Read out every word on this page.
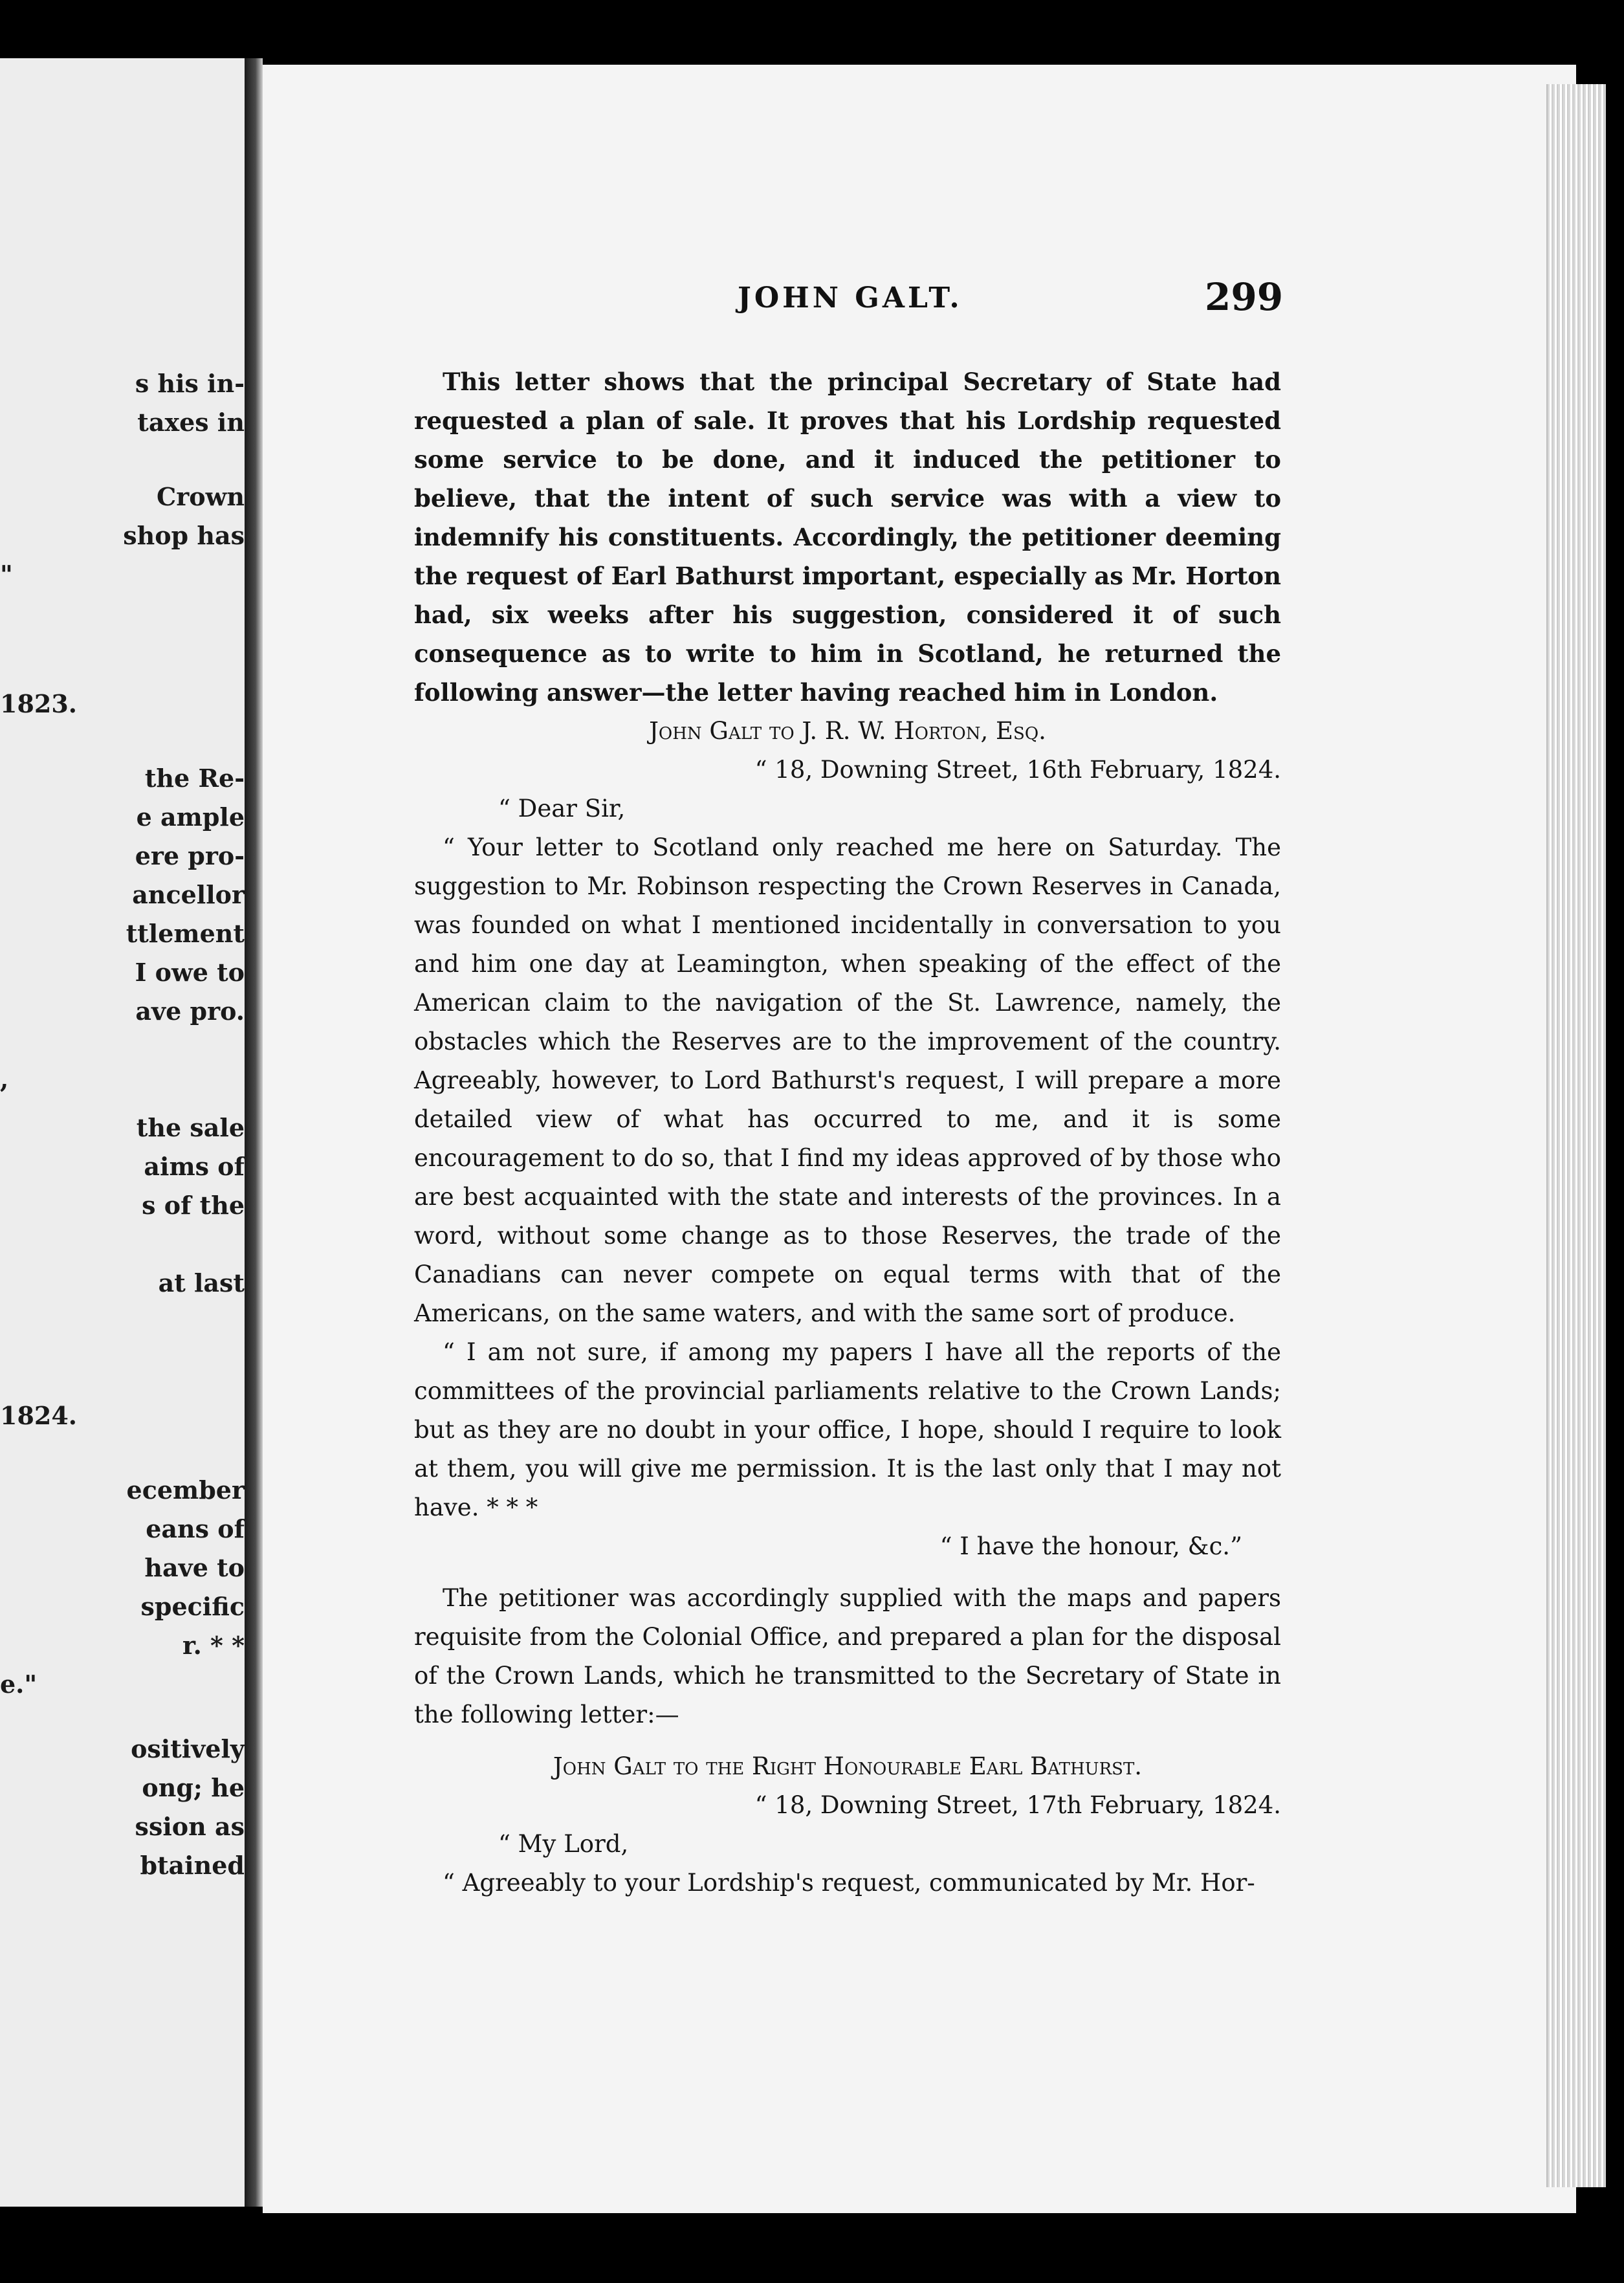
s his in-
taxes in
Crown
shop has
"
1823.
the Re-
e ample
ere pro-
ancellor
ttlement
I owe to
ave pro.
,
the sale
aims of
s of the
at last
1824.
ecember
eans of
have to
specific
r. * *
e."
ositively
ong; he
ssion as
btained
JOHN GALT.	299

This letter shows that the principal Secretary of State had requested a plan of sale. It proves that his Lordship requested some service to be done, and it induced the petitioner to believe, that the intent of such service was with a view to indemnify his constituents. Accordingly, the petitioner deeming the request of Earl Bathurst important, especially as Mr. Horton had, six weeks after his suggestion, considered it of such consequence as to write to him in Scotland, he returned the following answer—the letter having reached him in London.

John Galt to J. R. W. Horton, Esq.

“ 18, Downing Street, 16th February, 1824.

“ Dear Sir,

“ Your letter to Scotland only reached me here on Saturday. The suggestion to Mr. Robinson respecting the Crown Reserves in Canada, was founded on what I mentioned incidentally in conversation to you and him one day at Leamington, when speaking of the effect of the American claim to the navigation of the St. Lawrence, namely, the obstacles which the Reserves are to the improvement of the country. Agreeably, however, to Lord Bathurst's request, I will prepare a more detailed view of what has occurred to me, and it is some encouragement to do so, that I find my ideas approved of by those who are best acquainted with the state and interests of the provinces. In a word, without some change as to those Reserves, the trade of the Canadians can never compete on equal terms with that of the Americans, on the same waters, and with the same sort of produce.

“ I am not sure, if among my papers I have all the reports of the committees of the provincial parliaments relative to the Crown Lands; but as they are no doubt in your office, I hope, should I require to look at them, you will give me permission. It is the last only that I may not have. * * *

“ I have the honour, &c.”

The petitioner was accordingly supplied with the maps and papers requisite from the Colonial Office, and prepared a plan for the disposal of the Crown Lands, which he transmitted to the Secretary of State in the following letter:—

John Galt to the Right Honourable Earl Bathurst.

“ 18, Downing Street, 17th February, 1824.

“ My Lord,

“ Agreeably to your Lordship's request, communicated by Mr. Hor-
